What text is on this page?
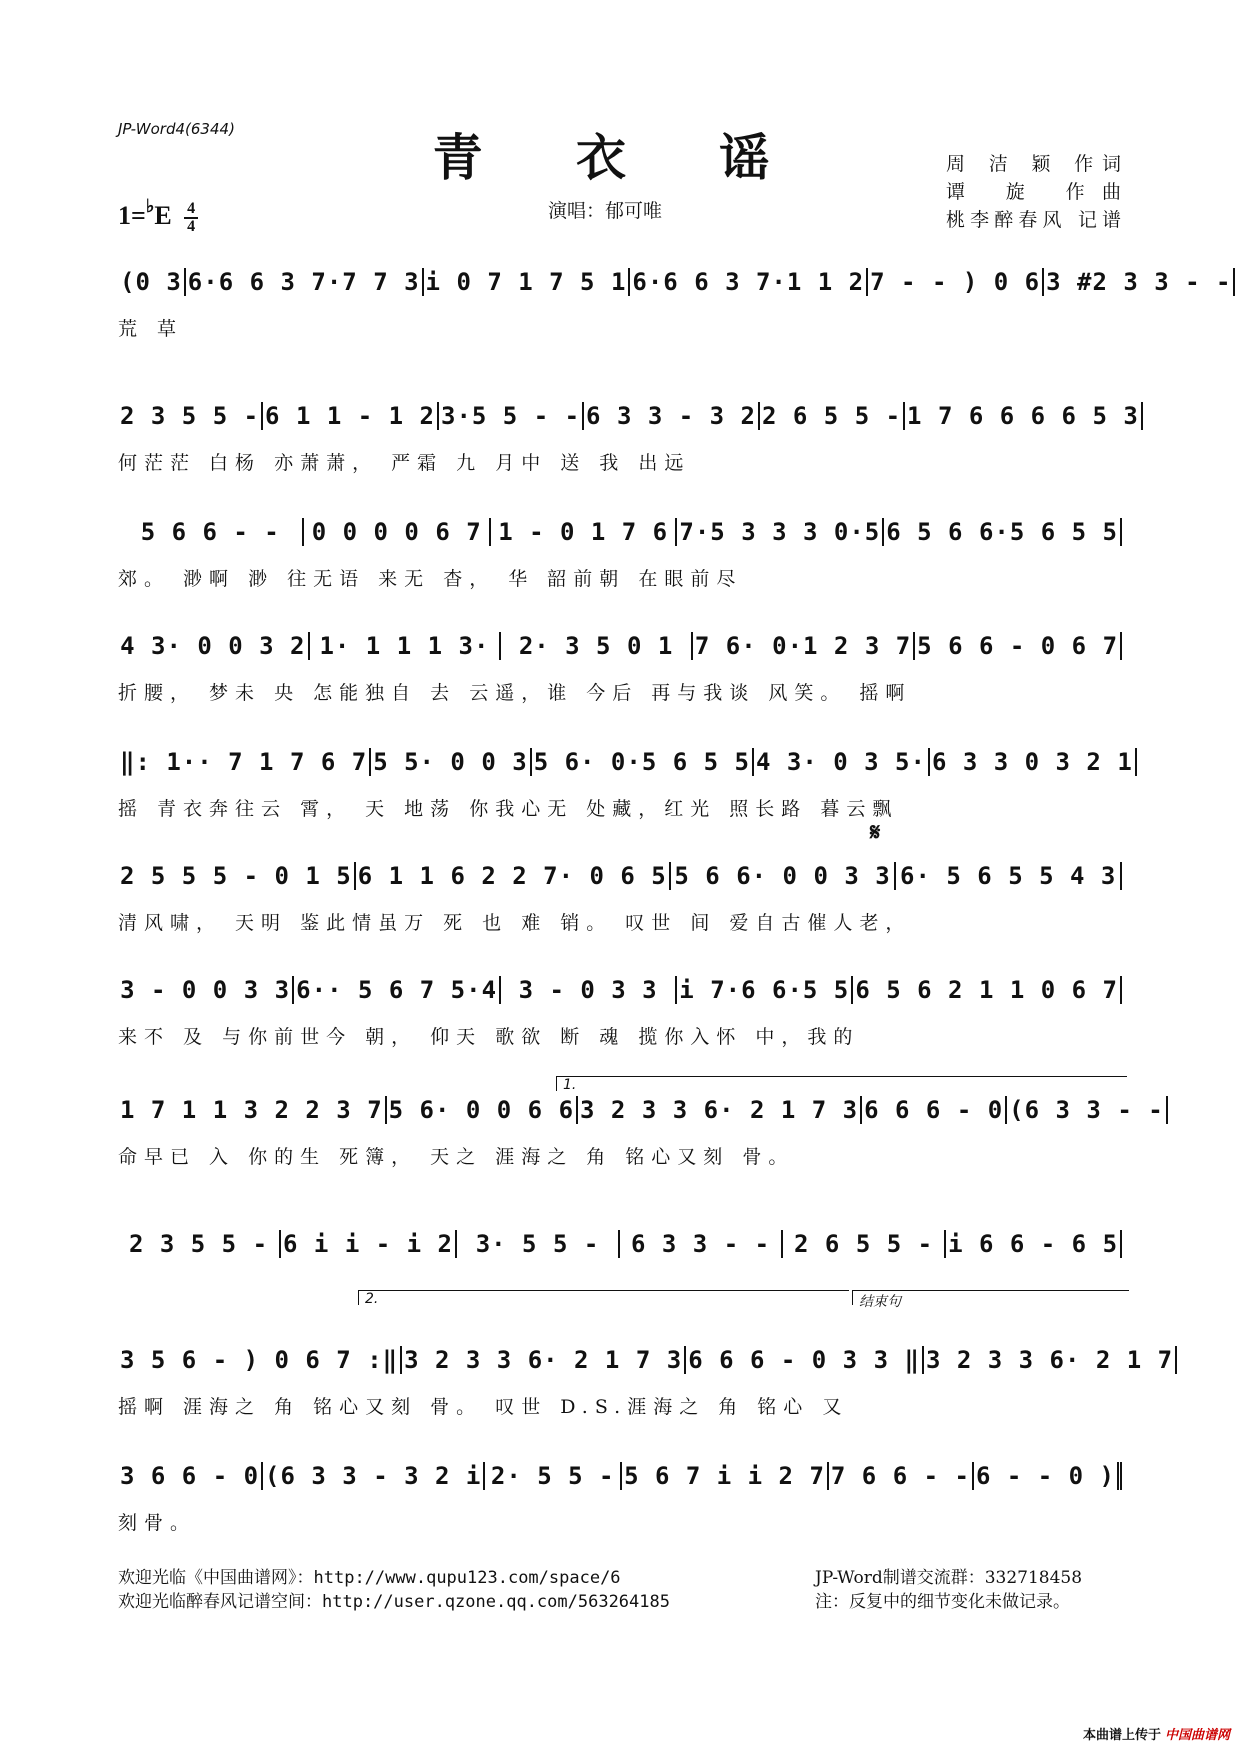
JP-Word4(6344)	青 衣 谣
$1=^♭E \frac{4}{4}$	演唱：郁可唯
周 洁 颖 作词
谭 旋 作曲
桃李醉春风 记谱
(0 3 6·6 6 3 7·7 7 3 i 0 7 1 7 5 1 6·6 6 3 7·1 1 2 7 - - ) 0 6 3 #2 3 3 - -
荒 草
2 3 5 5 - 6 1 1 - 1 2 3·5 5 - - 6 3 3 - 3 2 2 6 5 5 - 1 7 6 6 6 6 5 3
何茫茫 白杨 亦萧萧， 严霜 九 月中 送 我 出远
5 6 6 - -	0 0 0 0 6 7 1 - 0 1 7 6 7·5 3 3 3 0·5 6 5 6 6·5 6 5 5
郊。 渺啊 渺 往无语 来无 杳， 华 韶前朝 在眼前尽
4 3· 0 0 3 2 1· 1 1 1 3·	2· 3 5 0 1 7 6· 0·1 2 3 7 5 6 6 - 0 6 7
折腰， 梦未 央 怎能独自 去 云遥，谁 今后 再与我谈 风笑。 摇啊
‖: 1·· 7 1 7 6 7 5 5· 0 0 3 5 6· 0·5 6 5 5 4 3· 0 3 5· 6 3 3 0 3 2 1
摇 青衣奔往云 霄， 天 地荡 你我心无 处藏，红光 照长路 暮云飘
2 5 5 5 - 0 1 5 6 1 1 6 2 2 7· 0 6 5 5 6 6· 0 0 3 3 6· 5 6 5 5 4 3
清风啸， 天明 鉴此情虽万 死 也 难 销。 叹世 间 爱自古催人老，
3 - 0 0 3 3 6·· 5 6 7 5·4 3 - 0 3 3 i 7·6 6·5 5 6 5 6 2 1 1 0 6 7
来不 及 与你前世今 朝， 仰天 歌欲 断 魂 揽你入怀 中，我的
1 7 1 1 3 2 2 3 7 5 6· 0 0 6 6 3 2 3 3 6· 2 1 7 3 6 6 6 - 0 (6 3 3 - -
命早已 入 你的生 死簿， 天之 涯海之 角 铭心又刻 骨。
2 3 5 5 - 6 i i - i 2 3· 5 5 -	6 3 3 - - 2 6 5 5 - i 6 6 - 6 5
3 5 6 - ) 0 6 7 :‖ 3 2 3 3 6· 2 1 7 3 6 6 6 - 0 3 3 ‖ 3 2 3 3 6· 2 1 7
摇啊 涯海之 角 铭心又刻 骨。 叹世 D.S.涯海之 角 铭心 又
3 6 6 - 0 (6 3 3 - 3 2 i 2· 5 5 - 5 6 7 i i 2 7 7 6 6 - - 6 - - 0 )
刻骨。
1.
2.	结束句
𝄋
欢迎光临《中国曲谱网》：http://www.qupu123.com/space/6
欢迎光临醉春风记谱空间：http://user.qzone.qq.com/563264185
JP-Word制谱交流群：332718458
注：反复中的细节变化未做记录。
本曲谱上传于 中国曲谱网
